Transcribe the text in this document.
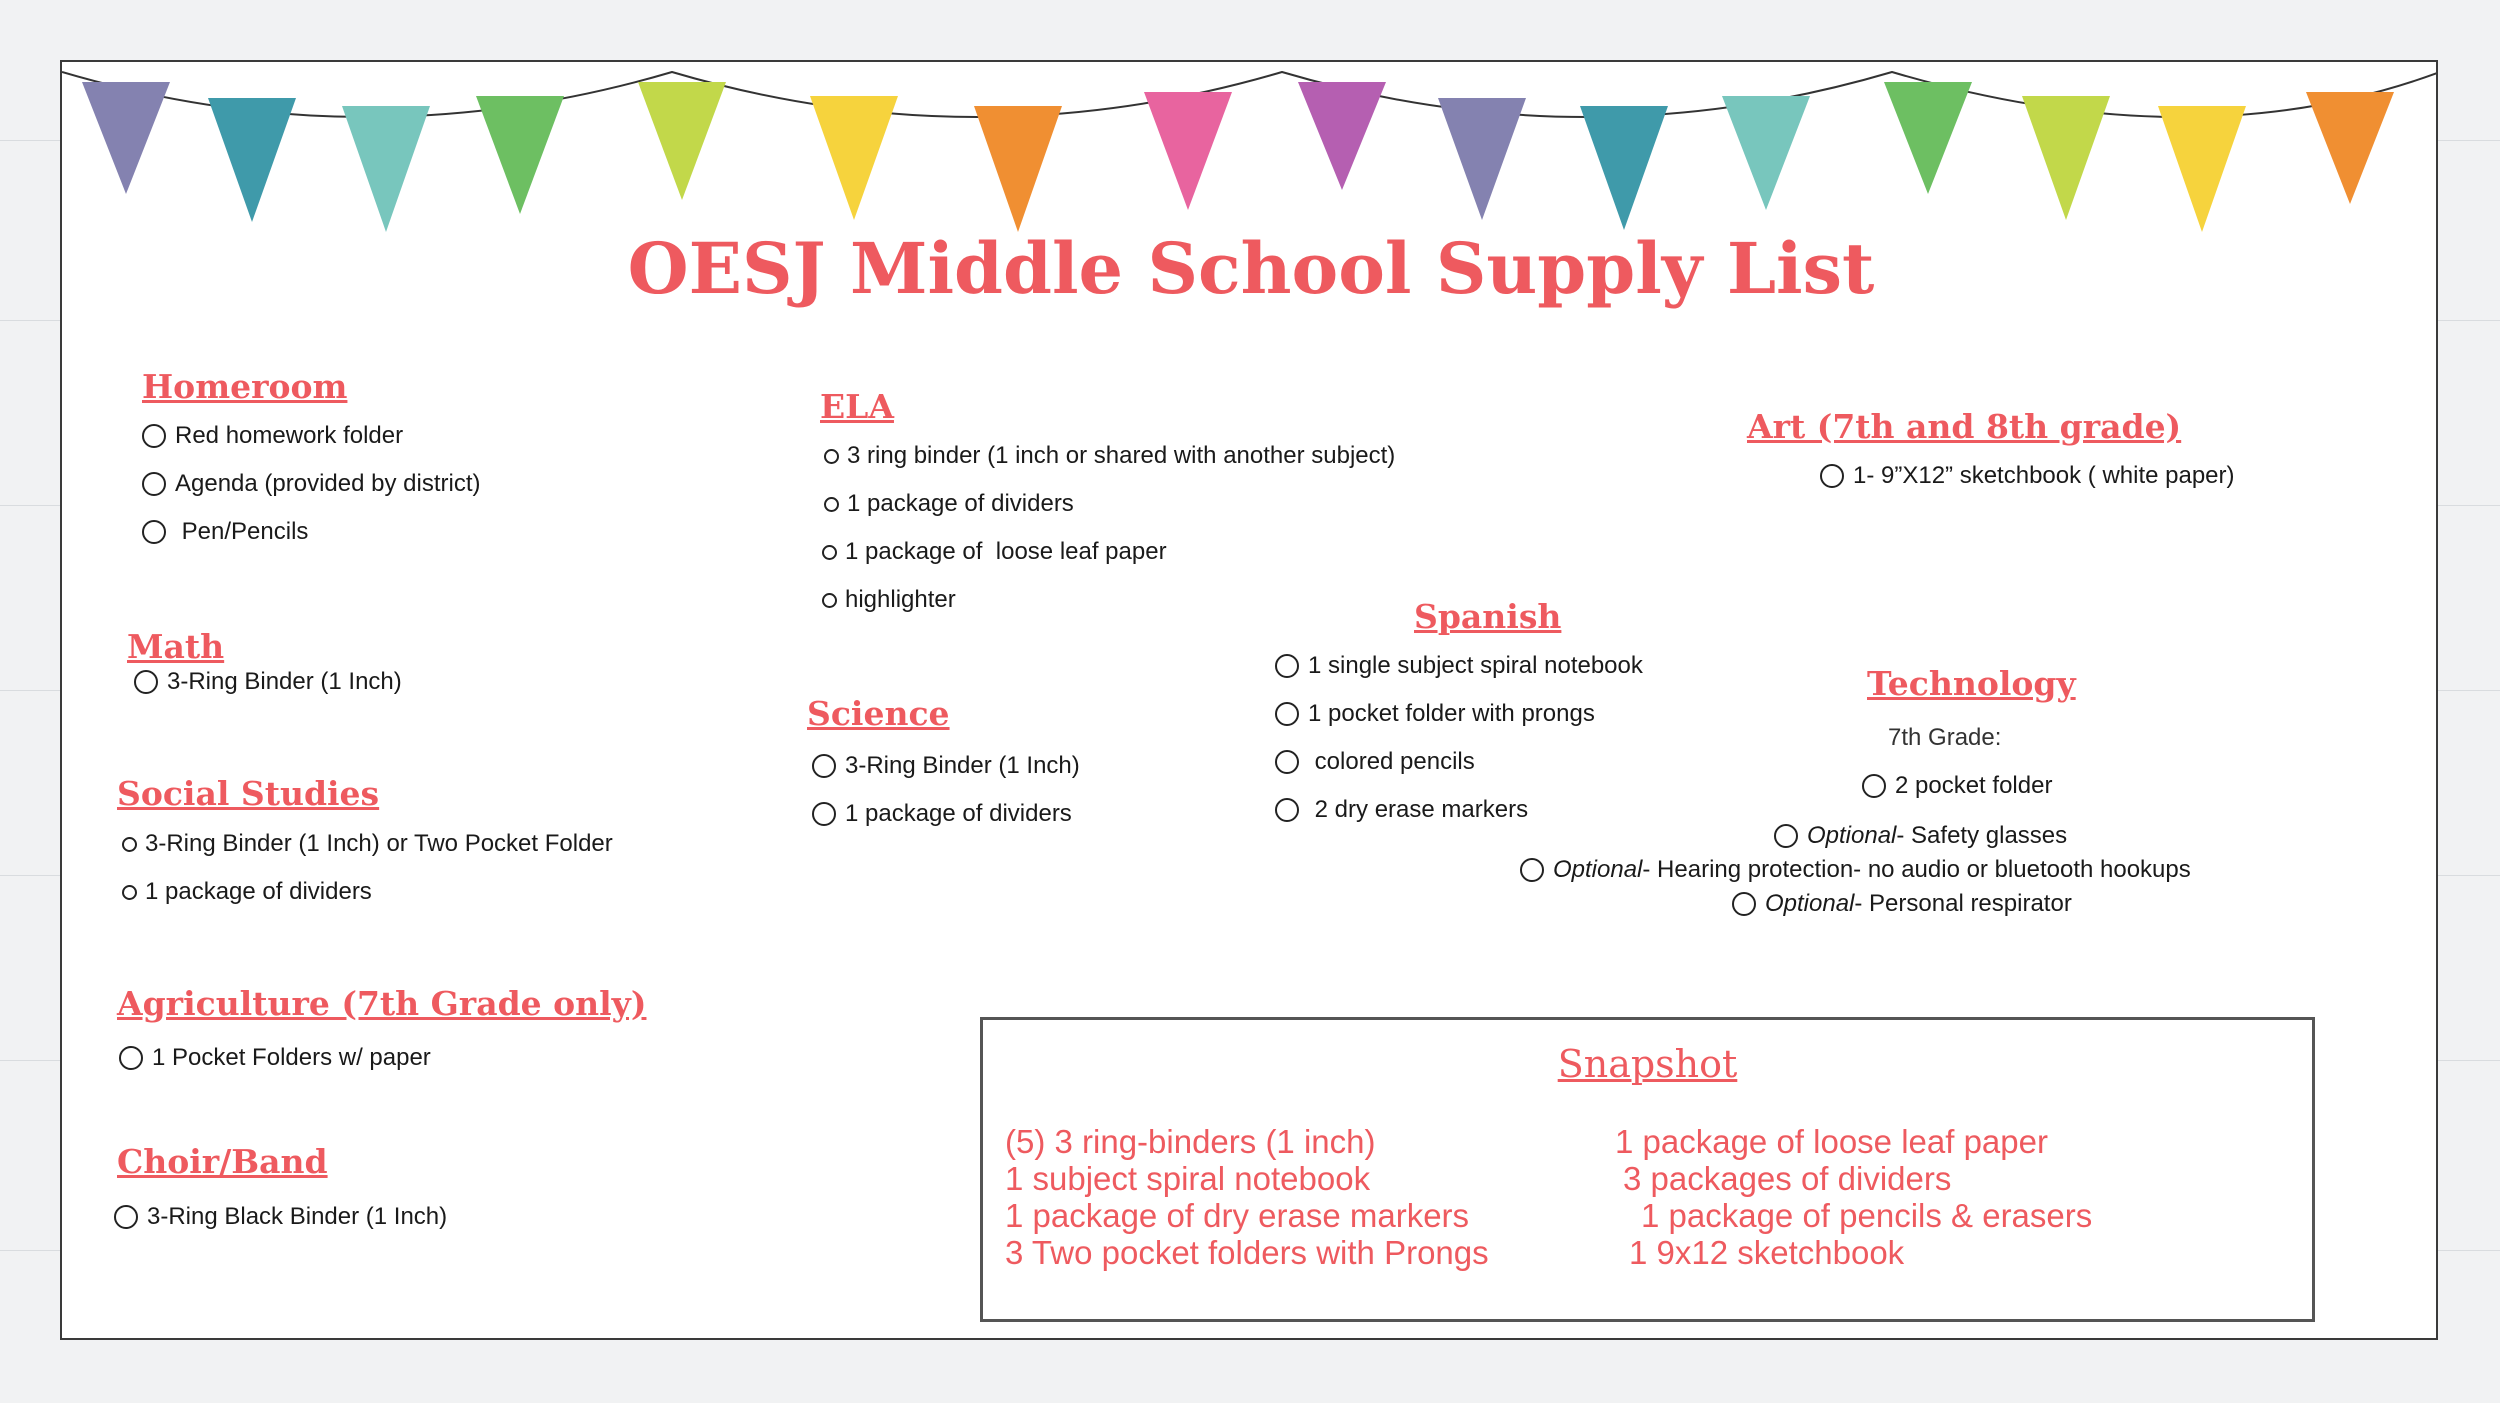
OESJ Middle School Supply List
Homeroom
Red homework folder
Agenda (provided by district)
Pen/Pencils
Math
3-Ring Binder (1 Inch)
Social Studies
3-Ring Binder (1 Inch) or Two Pocket Folder
1 package of dividers
Agriculture (7th Grade only)
1 Pocket Folders w/ paper
Choir/Band
3-Ring Black Binder (1 Inch)
ELA
3 ring binder (1 inch or shared with another subject)
1 package of dividers
1 package of  loose leaf paper
highlighter
Science
3-Ring Binder (1 Inch)
1 package of dividers
Spanish
1 single subject spiral notebook
1 pocket folder with prongs
colored pencils
2 dry erase markers
Art (7th and 8th grade)
1- 9”X12” sketchbook ( white paper)
Technology
7th Grade:
2 pocket folder
Optional - Safety glasses
Optional - Hearing protection- no audio or bluetooth hookups
Optional - Personal respirator
Snapshot
(5) 3 ring-binders (1 inch)
1 subject spiral notebook
1 package of dry erase markers
3 Two pocket folders with Prongs
1 package of loose leaf paper
3 packages of dividers
1 package of pencils & erasers
1 9x12 sketchbook
